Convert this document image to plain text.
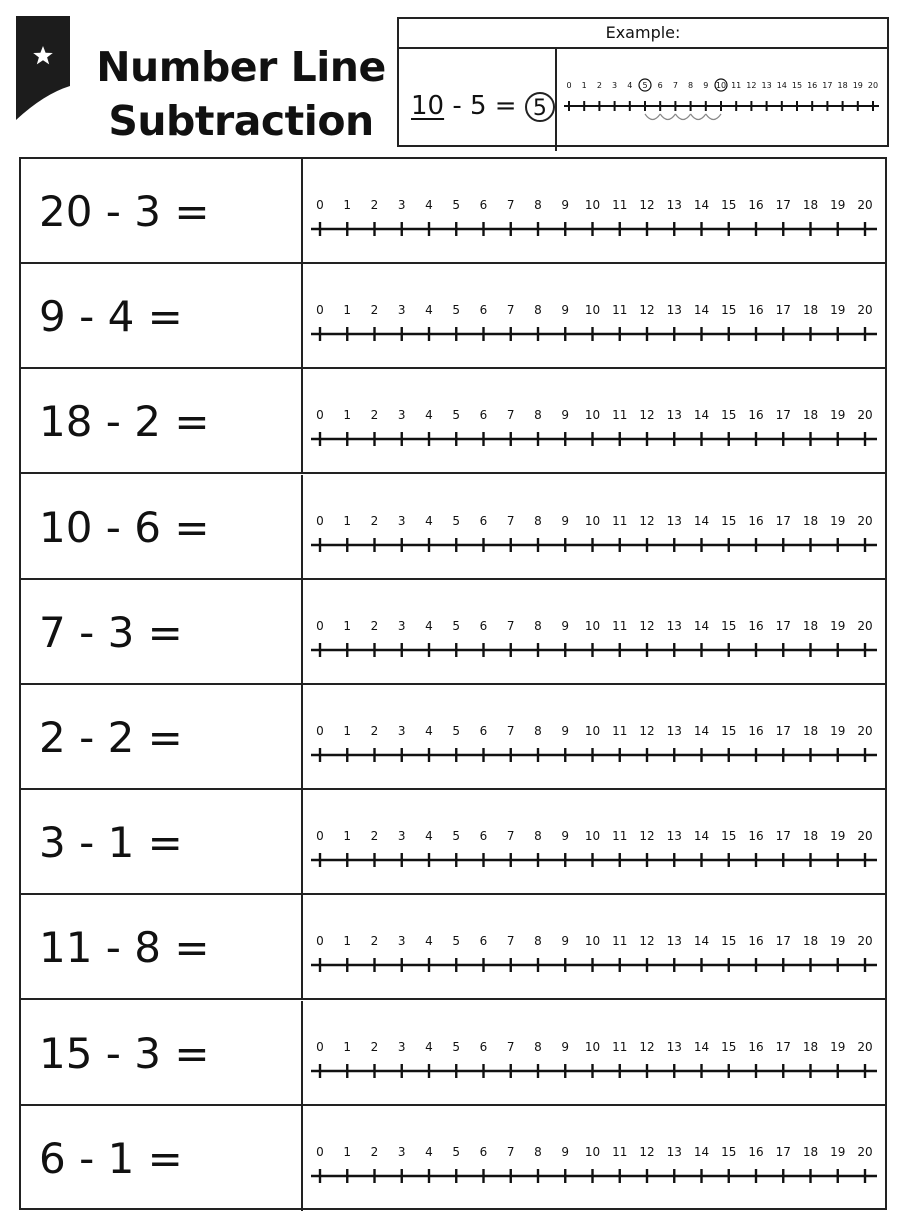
Number Line
Subtraction
Example:
10 - 5 = 5
0 1 2 3 4 5 6 7 8 9 10 11 12 13 14 15 16 17 18 19 20
20 - 3 =	0 1 2 3 4 5 6 7 8 9 10 11 12 13 14 15 16 17 18 19 20
9 - 4 =	0 1 2 3 4 5 6 7 8 9 10 11 12 13 14 15 16 17 18 19 20
18 - 2 =	0 1 2 3 4 5 6 7 8 9 10 11 12 13 14 15 16 17 18 19 20
10 - 6 =	0 1 2 3 4 5 6 7 8 9 10 11 12 13 14 15 16 17 18 19 20
7 - 3 =	0 1 2 3 4 5 6 7 8 9 10 11 12 13 14 15 16 17 18 19 20
2 - 2 =	0 1 2 3 4 5 6 7 8 9 10 11 12 13 14 15 16 17 18 19 20
3 - 1 =	0 1 2 3 4 5 6 7 8 9 10 11 12 13 14 15 16 17 18 19 20
11 - 8 =	0 1 2 3 4 5 6 7 8 9 10 11 12 13 14 15 16 17 18 19 20
15 - 3 =	0 1 2 3 4 5 6 7 8 9 10 11 12 13 14 15 16 17 18 19 20
6 - 1 =	0 1 2 3 4 5 6 7 8 9 10 11 12 13 14 15 16 17 18 19 20
